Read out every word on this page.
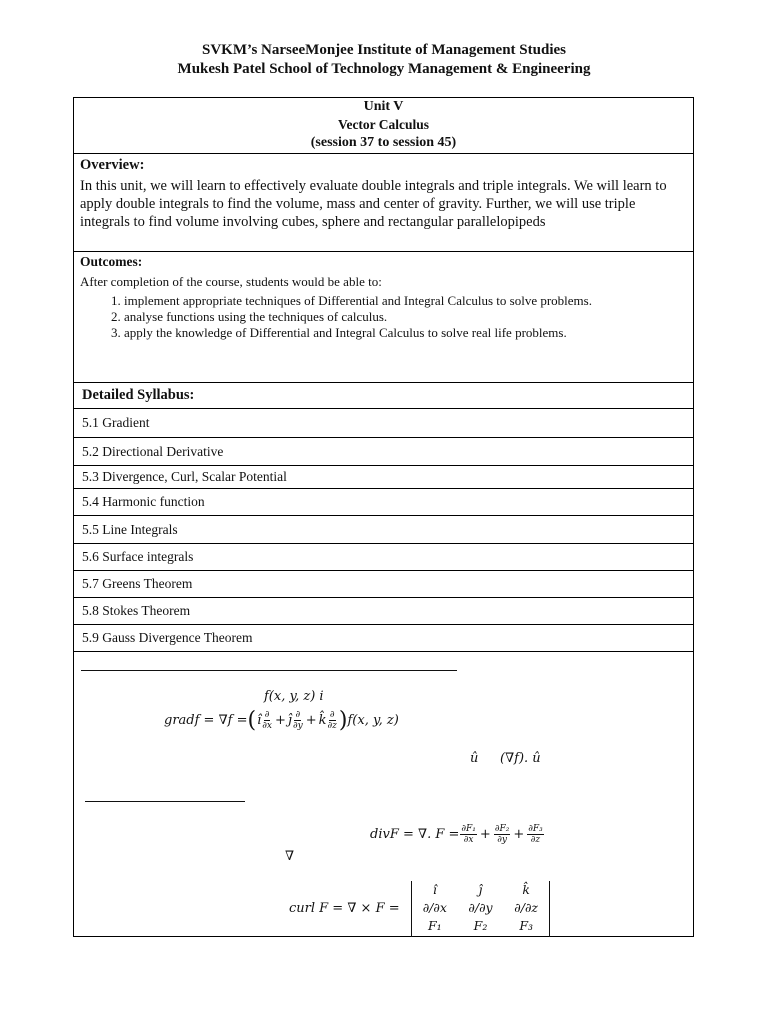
SVKM’s NarseeMonjee Institute of Management Studies
Mukesh Patel School of Technology Management & Engineering
Unit V
Vector Calculus
(session 37 to session 45)
Overview:
In this unit, we will learn to effectively evaluate double integrals and triple integrals. We will learn to apply double integrals to find the volume, mass and center of gravity. Further, we will use triple integrals to find volume involving cubes, sphere and rectangular parallelopipeds
Outcomes:
After completion of the course, students would be able to:
1. implement appropriate techniques of Differential and Integral Calculus to solve problems.
2. analyse functions using the techniques of calculus.
3. apply the knowledge of Differential and Integral Calculus to solve real life problems.
Detailed Syllabus:
5.1 Gradient
5.2 Directional Derivative
5.3 Divergence, Curl, Scalar Potential
5.4 Harmonic function
5.5 Line Integrals
5.6 Surface integrals
5.7 Greens Theorem
5.8 Stokes Theorem
5.9 Gauss Divergence Theorem
f(x, y, z) i
gradf = ∇f = ( î $\frac{\partial}{\partial x}$ + ĵ $\frac{\partial}{\partial y}$ + k̂ $\frac{\partial}{\partial z}$ ) f(x, y, z)
û (∇f). û
divF = ∇. $F = \frac{\text{∂F₁}}{\partial x} + \frac{\text{∂F₂}}{\partial y} + \frac{\text{∂F₃}}{\partial z}$
∇
curl F = ∇ × F =
î	ĵ	k̂
∂/∂x	∂/∂y	∂/∂z
F₁	F₂	F₃
